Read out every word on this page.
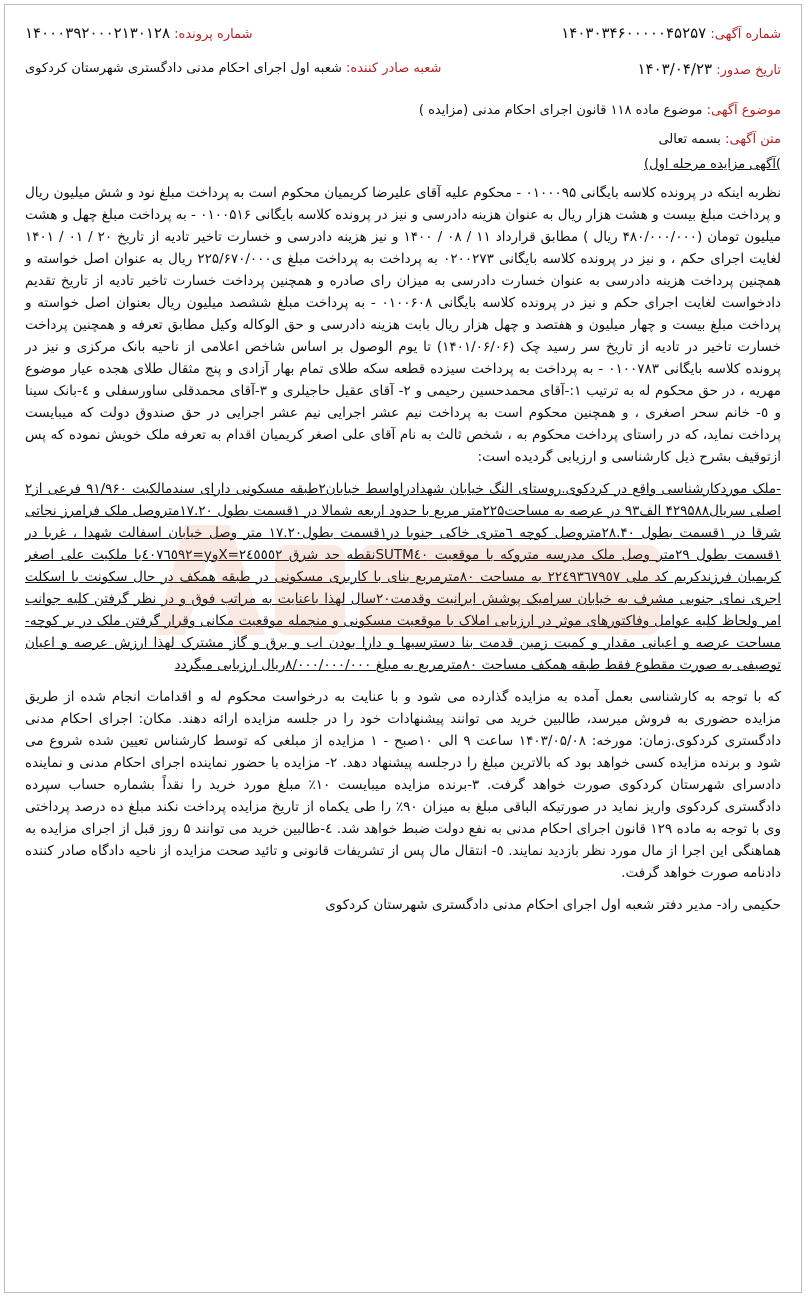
شماره آگهی: ۱۴۰۳۰۳۴۶۰۰۰۰۰۴۵۲۵۷
شماره پرونده: ۱۴۰۰۰۳۹۲۰۰۰۲۱۳۰۱۲۸
تاریخ صدور: ۱۴۰۳/۰۴/۲۳
شعبه صادر کننده: شعبه اول اجرای احکام مدنی دادگستری شهرستان کردکوی
موضوع آگهی: موضوع ماده ۱۱۸ قانون اجرای احکام مدنی (مزایده )
متن آگهی: بسمه تعالی
)آگهی مزایده مرحله اول)

نظربه اینکه در پرونده کلاسه بایگانی ۰۱۰۰۰۹۵ - محکوم علیه آقای علیرضا کریمیان محکوم است به پرداخت مبلغ نود و شش میلیون ریال و پرداخت مبلغ بیست و هشت هزار ریال به عنوان هزینه دادرسی و نیز در پرونده کلاسه بایگانی ۰۱۰۰۵۱۶ - به پرداخت مبلغ چهل و هشت میلیون تومان (۴۸۰/۰۰۰/۰۰۰ ریال ) مطابق قرارداد ۱۱ / ۰۸ / ۱۴۰۰ و نیز هزینه دادرسی و خسارت تاخیر تادیه از تاریخ ۲۰ / ۰۱ / ۱۴۰۱ لغایت اجرای حکم ، و نیز در پرونده کلاسه بایگانی ۰۲۰۰۲۷۳ به پرداخت به پرداخت مبلغ ی۲۲۵/۶۷۰/۰۰۰ ریال به عنوان اصل خواسته و همچنین پرداخت هزینه دادرسی به عنوان خسارت دادرسی به میزان رای صادره و همچنین پرداخت خسارت تاخیر تادیه از تاریخ تقدیم دادخواست لغایت اجرای حکم و نیز در پرونده کلاسه بایگانی ۰۱۰۰۶۰۸ - به پرداخت مبلغ ششصد میلیون ریال بعنوان اصل خواسته و پرداخت مبلغ بیست و چهار میلیون و هفتصد و چهل هزار ریال بابت هزینه دادرسی و حق الوکاله وکیل مطابق تعرفه و همچنین پرداخت خسارت تاخیر در تادیه از تاریخ سر رسید چک (۱۴۰۱/۰۶/۰۶) تا یوم الوصول بر اساس شاخص اعلامی از ناحیه بانک مرکزی و نیز در پرونده کلاسه بایگانی ۰۱۰۰۷۸۳ - به پرداخت به پرداخت سیزده قطعه سکه طلای تمام بهار آزادی و پنج مثقال طلای هجده عیار موضوع مهریه ، در حق محکوم له به ترتیب ۱:-آقای محمدحسین رحیمی و ۲- آقای عقیل حاجیلری و ۳-آقای محمدقلی ساورسفلی و ٤-بانک سینا و ٥- خانم سحر اصغری ، و همچنین محکوم است به پرداخت نیم عشر اجرایی نیم عشر اجرایی در حق صندوق دولت که میبایست پرداخت نماید، که در راستای پرداخت محکوم به ، شخص ثالث به نام آقای علی اصغر کریمیان اقدام به تعرفه ملک خویش نموده که پس ازتوقیف بشرح ذیل کارشناسی و ارزیابی گردیده است:

-ملک موردکارشناسی واقع در کردکوی.روستای النگ خیابان شهدادراواسط خیابان۲طبقه مسکونی دارای سندمالکیت ۹۱/۹۶۰ فرعی از۲ اصلی سریال۴۲۹۵۸۸ الف۹۳ در عرصه به مساحت۲۲۵متر مربع با حدود اربعه شمالا در ۱قسمت بطول ۱۷.۲۰متروصل ملک فرامرز نجاتی شرقا در ۱قسمت بطول ۲۸.۴۰متروصل کوچه ٦متری خاکی جنوبا در۱قسمت بطول۱۷.۲۰ متر وصل خیابان اسفالت شهدا ، غربا در ۱قسمت بطول ۲۹متر وصل ملک مدرسه متروکه با موقعیت SUTM٤٠نقطه حد شرق X=۲٤٥٥٥۲وy=٤٠۷٦٥٩۲با ملکیت علی اصغر کریمیان فرزندکریم کد ملی ۲۲٤۹۳٦۷۹٥۷ به مساحت ۸٠مترمربع بنای با کاربری مسکونی در طبقه همکف در حال سکونت با اسکلت اجری نمای جنوبی مشرف به خیابان سرامیک پوشش ایرانیت وقدمت۲۰سال لهذا باعنایت به مراتب فوق و در نظر گرفتن کلیه جوانب امر ولحاظ کلیه عوامل وفاکتورهای موثر در ارزیابی املاک با موقعیت مسکونی و منجمله موقعیت مکانی وقرار گرفتن ملک در بر کوچه-مساحت عرصه و اعیانی مقدار و کمیت زمین قدمت بنا دسترسیها و دارا بودن اب و برق و گاز مشترک لهذا ارزش عرصه و اعیان توصیفی به صورت مقطوع فقط طبقه همکف مساحت ۸٠مترمربع به مبلغ ۸/٠٠٠/٠٠٠/٠٠٠ریال ارزیابی میگردد

که با توجه به کارشناسی بعمل آمده به مزایده گذارده می شود و با عنایت به درخواست محکوم له و اقدامات انجام شده از طریق مزایده حضوری به فروش میرسد، طالبین خرید می توانند پیشنهادات خود را در جلسه مزایده ارائه دهند. مکان: اجرای احکام مدنی دادگستری کردکوی.زمان: مورخه: ۱۴۰۳/۰۵/۰۸ ساعت ۹ الی ۱۰صبح - ۱ مزایده از مبلغی که توسط کارشناس تعیین شده شروع می شود و برنده مزایده کسی خواهد بود که بالاترین مبلغ را درجلسه پیشنهاد دهد. ۲- مزایده با حضور نماینده اجرای احکام مدنی و نماینده دادسرای شهرستان کردکوی صورت خواهد گرفت. ۳-برنده مزایده میبایست ۱۰٪ مبلغ مورد خرید را نقداً بشماره حساب سپرده دادگستری کردکوی واریز نماید در صورتیکه الباقی مبلغ به میزان ۹۰٪ را طی یکماه از تاریخ مزایده پرداخت نکند مبلغ ده درصد پرداختی وی با توجه به ماده ۱۲۹ قانون اجرای احکام مدنی به نفع دولت ضبط خواهد شد. ٤-طالبین خرید می توانند ۵ روز قبل از اجرای مزایده به هماهنگی این اجرا از مال مورد نظر بازدید نمایند. ٥- انتقال مال پس از تشریفات قانونی و تائید صحت مزایده از ناحیه دادگاه صادر کننده دادنامه صورت خواهد گرفت.

حکیمی راد- مدیر دفتر شعبه اول اجرای احکام مدنی دادگستری شهرستان کردکوی
